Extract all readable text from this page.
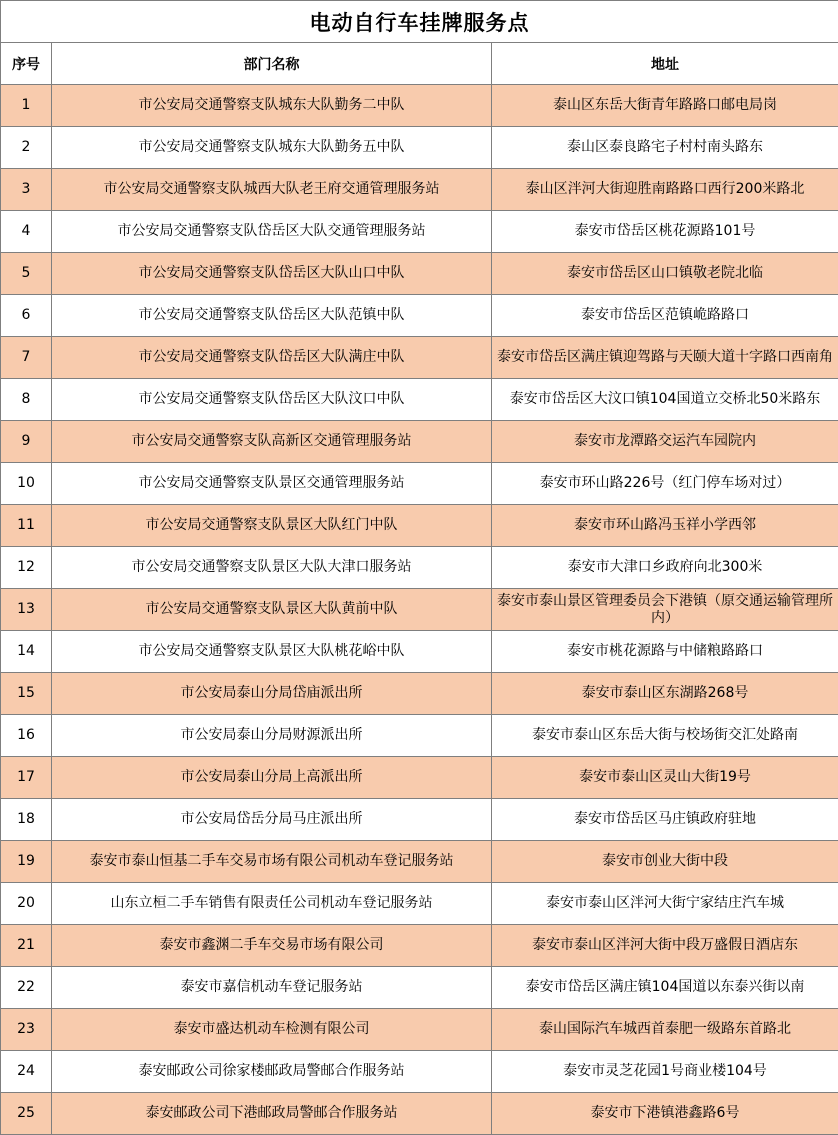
电动自行车挂牌服务点		
序号	部门名称	地址
1	市公安局交通警察支队城东大队勤务二中队	泰山区东岳大街青年路路口邮电局岗
2	市公安局交通警察支队城东大队勤务五中队	泰山区泰良路宅子村村南头路东
3	市公安局交通警察支队城西大队老王府交通管理服务站	泰山区泮河大街迎胜南路路口西行200米路北
4	市公安局交通警察支队岱岳区大队交通管理服务站	泰安市岱岳区桃花源路101号
5	市公安局交通警察支队岱岳区大队山口中队	泰安市岱岳区山口镇敬老院北临
6	市公安局交通警察支队岱岳区大队范镇中队	泰安市岱岳区范镇峗路路口
7	市公安局交通警察支队岱岳区大队满庄中队	泰安市岱岳区满庄镇迎驾路与天颐大道十字路口西南角
8	市公安局交通警察支队岱岳区大队汶口中队	泰安市岱岳区大汶口镇104国道立交桥北50米路东
9	市公安局交通警察支队高新区交通管理服务站	泰安市龙潭路交运汽车园院内
10	市公安局交通警察支队景区交通管理服务站	泰安市环山路226号（红门停车场对过）
11	市公安局交通警察支队景区大队红门中队	泰安市环山路冯玉祥小学西邻
12	市公安局交通警察支队景区大队大津口服务站	泰安市大津口乡政府向北300米
13	市公安局交通警察支队景区大队黄前中队	泰安市泰山景区管理委员会下港镇（原交通运输管理所内）
14	市公安局交通警察支队景区大队桃花峪中队	泰安市桃花源路与中储粮路路口
15	市公安局泰山分局岱庙派出所	泰安市泰山区东湖路268号
16	市公安局泰山分局财源派出所	泰安市泰山区东岳大街与校场街交汇处路南
17	市公安局泰山分局上高派出所	泰安市泰山区灵山大街19号
18	市公安局岱岳分局马庄派出所	泰安市岱岳区马庄镇政府驻地
19	泰安市泰山恒基二手车交易市场有限公司机动车登记服务站	泰安市创业大街中段
20	山东立桓二手车销售有限责任公司机动车登记服务站	泰安市泰山区泮河大街宁家结庄汽车城
21	泰安市鑫渊二手车交易市场有限公司	泰安市泰山区泮河大街中段万盛假日酒店东
22	泰安市嘉信机动车登记服务站	泰安市岱岳区满庄镇104国道以东泰兴街以南
23	泰安市盛达机动车检测有限公司	泰山国际汽车城西首泰肥一级路东首路北
24	泰安邮政公司徐家楼邮政局警邮合作服务站	泰安市灵芝花园1号商业楼104号
25	泰安邮政公司下港邮政局警邮合作服务站	泰安市下港镇港鑫路6号
